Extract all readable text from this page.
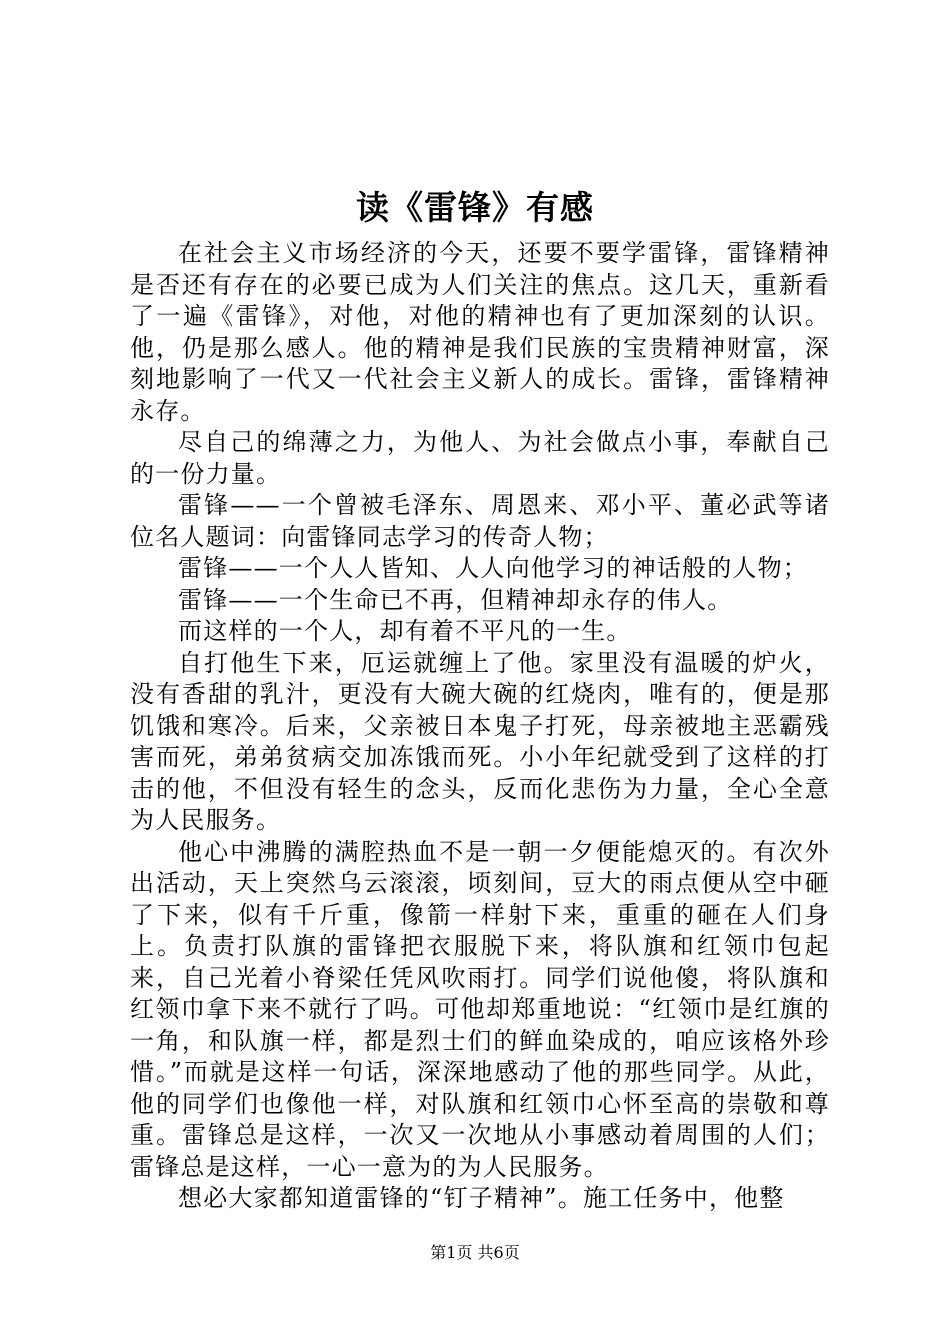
读《雷锋》有感

在社会主义市场经济的今天，还要不要学雷锋，雷锋精神是否还有存在的必要已成为人们关注的焦点。这几天，重新看了一遍《雷锋》，对他，对他的精神也有了更加深刻的认识。他，仍是那么感人。他的精神是我们民族的宝贵精神财富，深刻地影响了一代又一代社会主义新人的成长。雷锋，雷锋精神永存。

尽自己的绵薄之力，为他人、为社会做点小事，奉献自己的一份力量。

雷锋——一个曾被毛泽东、周恩来、邓小平、董必武等诸位名人题词：向雷锋同志学习的传奇人物；

雷锋——一个人人皆知、人人向他学习的神话般的人物；

雷锋——一个生命已不再，但精神却永存的伟人。

而这样的一个人，却有着不平凡的一生。

自打他生下来，厄运就缠上了他。家里没有温暖的炉火，没有香甜的乳汁，更没有大碗大碗的红烧肉，唯有的，便是那饥饿和寒冷。后来，父亲被日本鬼子打死，母亲被地主恶霸残害而死，弟弟贫病交加冻饿而死。小小年纪就受到了这样的打击的他，不但没有轻生的念头，反而化悲伤为力量，全心全意为人民服务。

他心中沸腾的满腔热血不是一朝一夕便能熄灭的。有次外出活动，天上突然乌云滚滚，顷刻间，豆大的雨点便从空中砸了下来，似有千斤重，像箭一样射下来，重重的砸在人们身上。负责打队旗的雷锋把衣服脱下来，将队旗和红领巾包起来，自己光着小脊梁任凭风吹雨打。同学们说他傻，将队旗和红领巾拿下来不就行了吗。可他却郑重地说：“红领巾是红旗的一角，和队旗一样，都是烈士们的鲜血染成的，咱应该格外珍惜。”而就是这样一句话，深深地感动了他的那些同学。从此，他的同学们也像他一样，对队旗和红领巾心怀至高的崇敬和尊重。雷锋总是这样，一次又一次地从小事感动着周围的人们；雷锋总是这样，一心一意为的为人民服务。

想必大家都知道雷锋的“钉子精神”。施工任务中，他整

第1页 共6页
